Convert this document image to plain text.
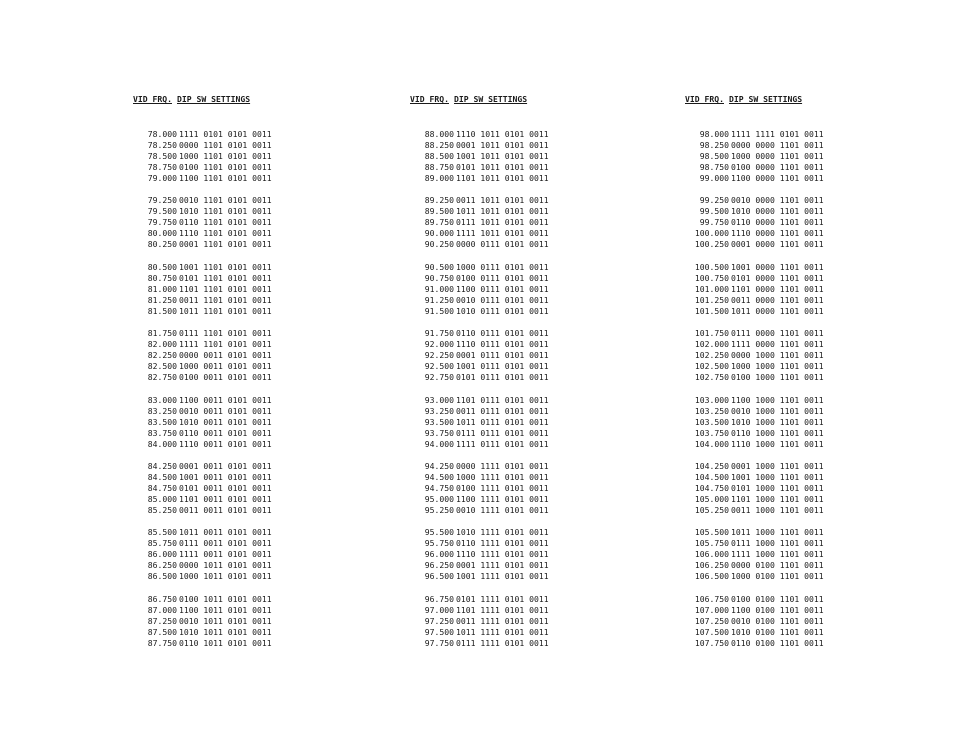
VID FRQ. DIP SW SETTINGS
78.000 1111 0101 0101 0011
78.250 0000 1101 0101 0011
78.500 1000 1101 0101 0011
78.750 0100 1101 0101 0011
79.000 1100 1101 0101 0011
79.250 0010 1101 0101 0011
79.500 1010 1101 0101 0011
79.750 0110 1101 0101 0011
80.000 1110 1101 0101 0011
80.250 0001 1101 0101 0011
80.500 1001 1101 0101 0011
80.750 0101 1101 0101 0011
81.000 1101 1101 0101 0011
81.250 0011 1101 0101 0011
81.500 1011 1101 0101 0011
81.750 0111 1101 0101 0011
82.000 1111 1101 0101 0011
82.250 0000 0011 0101 0011
82.500 1000 0011 0101 0011
82.750 0100 0011 0101 0011
83.000 1100 0011 0101 0011
83.250 0010 0011 0101 0011
83.500 1010 0011 0101 0011
83.750 0110 0011 0101 0011
84.000 1110 0011 0101 0011
84.250 0001 0011 0101 0011
84.500 1001 0011 0101 0011
84.750 0101 0011 0101 0011
85.000 1101 0011 0101 0011
85.250 0011 0011 0101 0011
85.500 1011 0011 0101 0011
85.750 0111 0011 0101 0011
86.000 1111 0011 0101 0011
86.250 0000 1011 0101 0011
86.500 1000 1011 0101 0011
86.750 0100 1011 0101 0011
87.000 1100 1011 0101 0011
87.250 0010 1011 0101 0011
87.500 1010 1011 0101 0011
87.750 0110 1011 0101 0011
VID FRQ. DIP SW SETTINGS
88.000 1110 1011 0101 0011
88.250 0001 1011 0101 0011
88.500 1001 1011 0101 0011
88.750 0101 1011 0101 0011
89.000 1101 1011 0101 0011
89.250 0011 1011 0101 0011
89.500 1011 1011 0101 0011
89.750 0111 1011 0101 0011
90.000 1111 1011 0101 0011
90.250 0000 0111 0101 0011
90.500 1000 0111 0101 0011
90.750 0100 0111 0101 0011
91.000 1100 0111 0101 0011
91.250 0010 0111 0101 0011
91.500 1010 0111 0101 0011
91.750 0110 0111 0101 0011
92.000 1110 0111 0101 0011
92.250 0001 0111 0101 0011
92.500 1001 0111 0101 0011
92.750 0101 0111 0101 0011
93.000 1101 0111 0101 0011
93.250 0011 0111 0101 0011
93.500 1011 0111 0101 0011
93.750 0111 0111 0101 0011
94.000 1111 0111 0101 0011
94.250 0000 1111 0101 0011
94.500 1000 1111 0101 0011
94.750 0100 1111 0101 0011
95.000 1100 1111 0101 0011
95.250 0010 1111 0101 0011
95.500 1010 1111 0101 0011
95.750 0110 1111 0101 0011
96.000 1110 1111 0101 0011
96.250 0001 1111 0101 0011
96.500 1001 1111 0101 0011
96.750 0101 1111 0101 0011
97.000 1101 1111 0101 0011
97.250 0011 1111 0101 0011
97.500 1011 1111 0101 0011
97.750 0111 1111 0101 0011
VID FRQ. DIP SW SETTINGS
98.000 1111 1111 0101 0011
98.250 0000 0000 1101 0011
98.500 1000 0000 1101 0011
98.750 0100 0000 1101 0011
99.000 1100 0000 1101 0011
99.250 0010 0000 1101 0011
99.500 1010 0000 1101 0011
99.750 0110 0000 1101 0011
100.000 1110 0000 1101 0011
100.250 0001 0000 1101 0011
100.500 1001 0000 1101 0011
100.750 0101 0000 1101 0011
101.000 1101 0000 1101 0011
101.250 0011 0000 1101 0011
101.500 1011 0000 1101 0011
101.750 0111 0000 1101 0011
102.000 1111 0000 1101 0011
102.250 0000 1000 1101 0011
102.500 1000 1000 1101 0011
102.750 0100 1000 1101 0011
103.000 1100 1000 1101 0011
103.250 0010 1000 1101 0011
103.500 1010 1000 1101 0011
103.750 0110 1000 1101 0011
104.000 1110 1000 1101 0011
104.250 0001 1000 1101 0011
104.500 1001 1000 1101 0011
104.750 0101 1000 1101 0011
105.000 1101 1000 1101 0011
105.250 0011 1000 1101 0011
105.500 1011 1000 1101 0011
105.750 0111 1000 1101 0011
106.000 1111 1000 1101 0011
106.250 0000 0100 1101 0011
106.500 1000 0100 1101 0011
106.750 0100 0100 1101 0011
107.000 1100 0100 1101 0011
107.250 0010 0100 1101 0011
107.500 1010 0100 1101 0011
107.750 0110 0100 1101 0011
